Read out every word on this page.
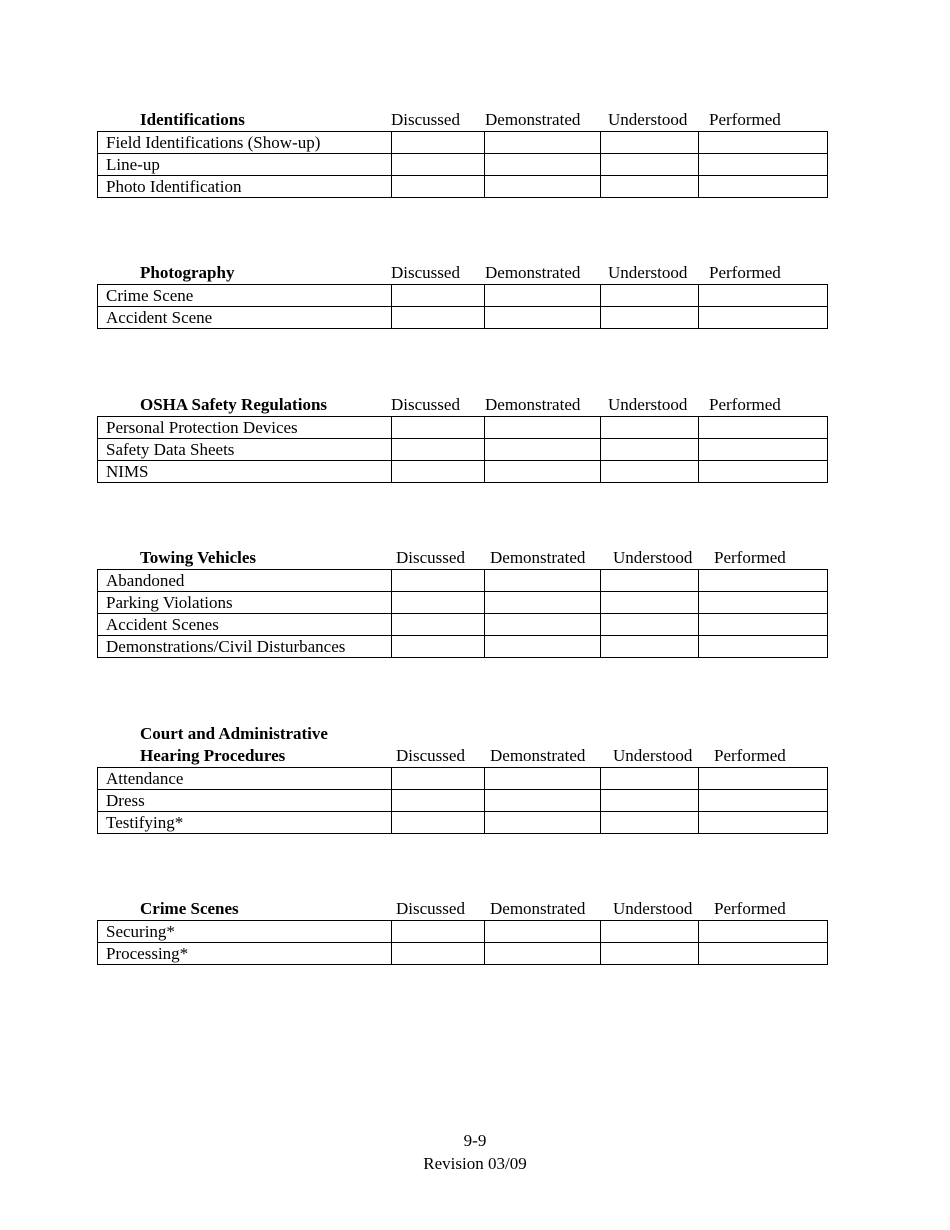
Identifications	Discussed Demonstrated Understood Performed
Field Identifications (Show-up)				
Line-up				
Photo Identification				
Photography	Discussed Demonstrated Understood Performed
Crime Scene				
Accident Scene				
OSHA Safety Regulations	Discussed Demonstrated Understood Performed
Personal Protection Devices				
Safety Data Sheets				
NIMS				
Towing Vehicles	Discussed Demonstrated Understood Performed
Abandoned				
Parking Violations				
Accident Scenes				
Demonstrations/Civil Disturbances				
Court and Administrative
Hearing Procedures	Discussed Demonstrated Understood Performed
Attendance				
Dress				
Testifying*				
Crime Scenes	Discussed Demonstrated Understood Performed
Securing*				
Processing*				
9-9
Revision 03/09
